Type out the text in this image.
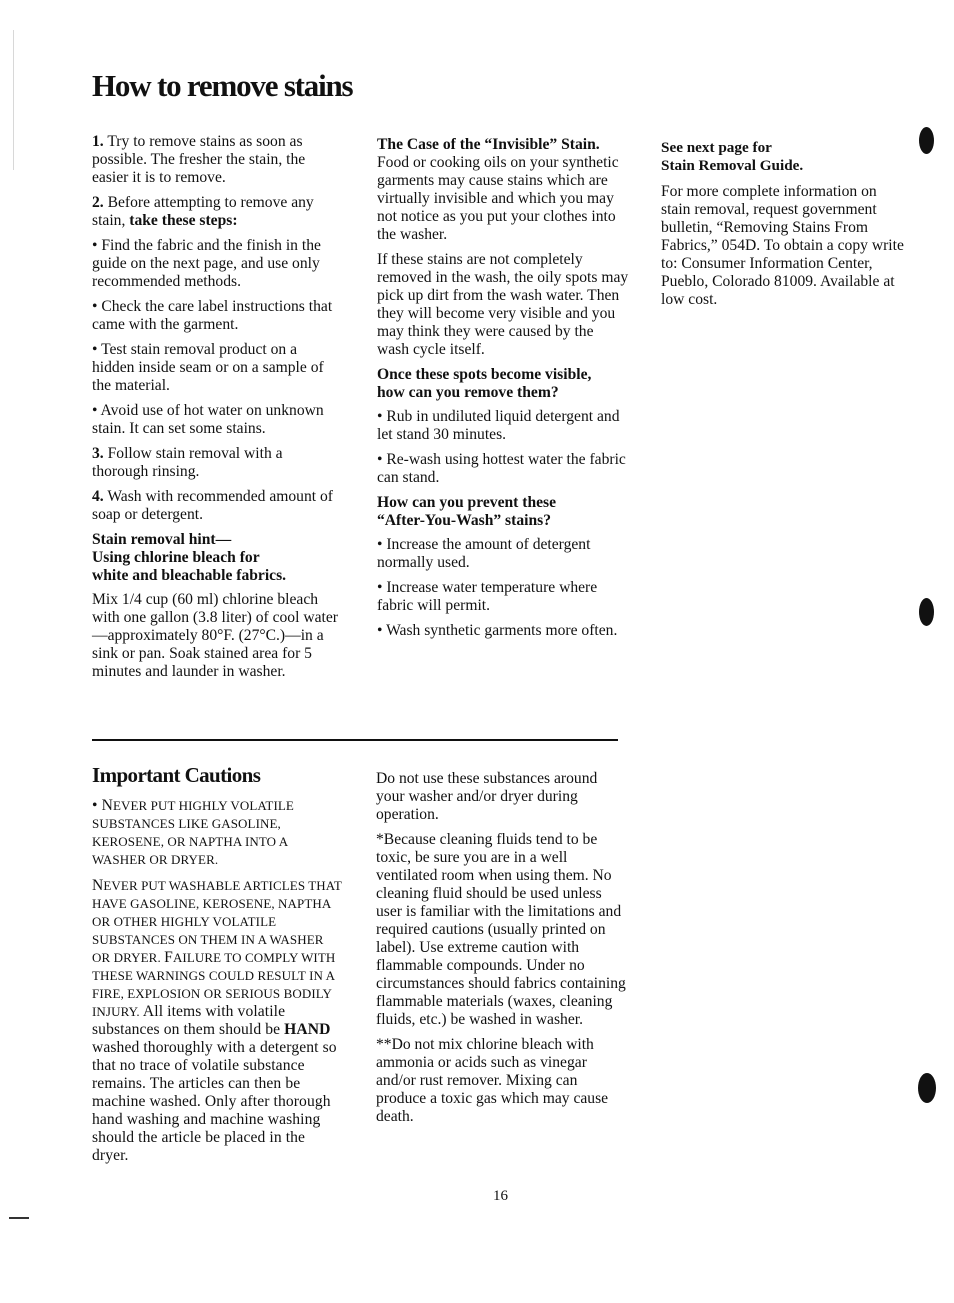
How to remove stains

1. Try to remove stains as soon as possible. The fresher the stain, the easier it is to remove.

2. Before attempting to remove any stain, take these steps:

• Find the fabric and the finish in the guide on the next page, and use only recommended methods.

• Check the care label instructions that came with the garment.

• Test stain removal product on a hidden inside seam or on a sample of the material.

• Avoid use of hot water on unknown stain. It can set some stains.

3. Follow stain removal with a thorough rinsing.

4. Wash with recommended amount of soap or detergent.

Stain removal hint—
Using chlorine bleach for
white and bleachable fabrics.

Mix 1/4 cup (60 ml) chlorine bleach with one gallon (3.8 liter) of cool water—approximately 80°F. (27°C.)—in a sink or pan. Soak stained area for 5 minutes and launder in washer.

The Case of the “Invisible” Stain.

Food or cooking oils on your synthetic garments may cause stains which are virtually invisible and which you may not notice as you put your clothes into the washer.

If these stains are not completely removed in the wash, the oily spots may pick up dirt from the wash water. Then they will become very visible and you may think they were caused by the wash cycle itself.

Once these spots become visible,
how can you remove them?

• Rub in undiluted liquid detergent and let stand 30 minutes.

• Re-wash using hottest water the fabric can stand.

How can you prevent these
“After-You-Wash” stains?

• Increase the amount of detergent normally used.

• Increase water temperature where fabric will permit.

• Wash synthetic garments more often.

See next page for
Stain Removal Guide.

For more complete information on stain removal, request government bulletin, “Removing Stains From Fabrics,” 054D. To obtain a copy write to: Consumer Information Center, Pueblo, Colorado 81009. Available at low cost.

Important Cautions

• NEVER PUT HIGHLY VOLATILE SUBSTANCES LIKE GASOLINE, KEROSENE, OR NAPTHA INTO A WASHER OR DRYER.

NEVER PUT WASHABLE ARTICLES THAT HAVE GASOLINE, KEROSENE, NAPTHA OR OTHER HIGHLY VOLATILE SUBSTANCES ON THEM IN A WASHER OR DRYER. FAILURE TO COMPLY WITH THESE WARNINGS COULD RESULT IN A FIRE, EXPLOSION OR SERIOUS BODILY INJURY. All items with volatile substances on them should be HAND washed thoroughly with a detergent so that no trace of volatile substance remains. The articles can then be machine washed. Only after thorough hand washing and machine washing should the article be placed in the dryer.

Do not use these substances around your washer and/or dryer during operation.

*Because cleaning fluids tend to be toxic, be sure you are in a well ventilated room when using them. No cleaning fluid should be used unless user is familiar with the limitations and required cautions (usually printed on label). Use extreme caution with flammable compounds. Under no circumstances should fabrics containing flammable materials (waxes, cleaning fluids, etc.) be washed in washer.

**Do not mix chlorine bleach with ammonia or acids such as vinegar and/or rust remover. Mixing can produce a toxic gas which may cause death.

16
